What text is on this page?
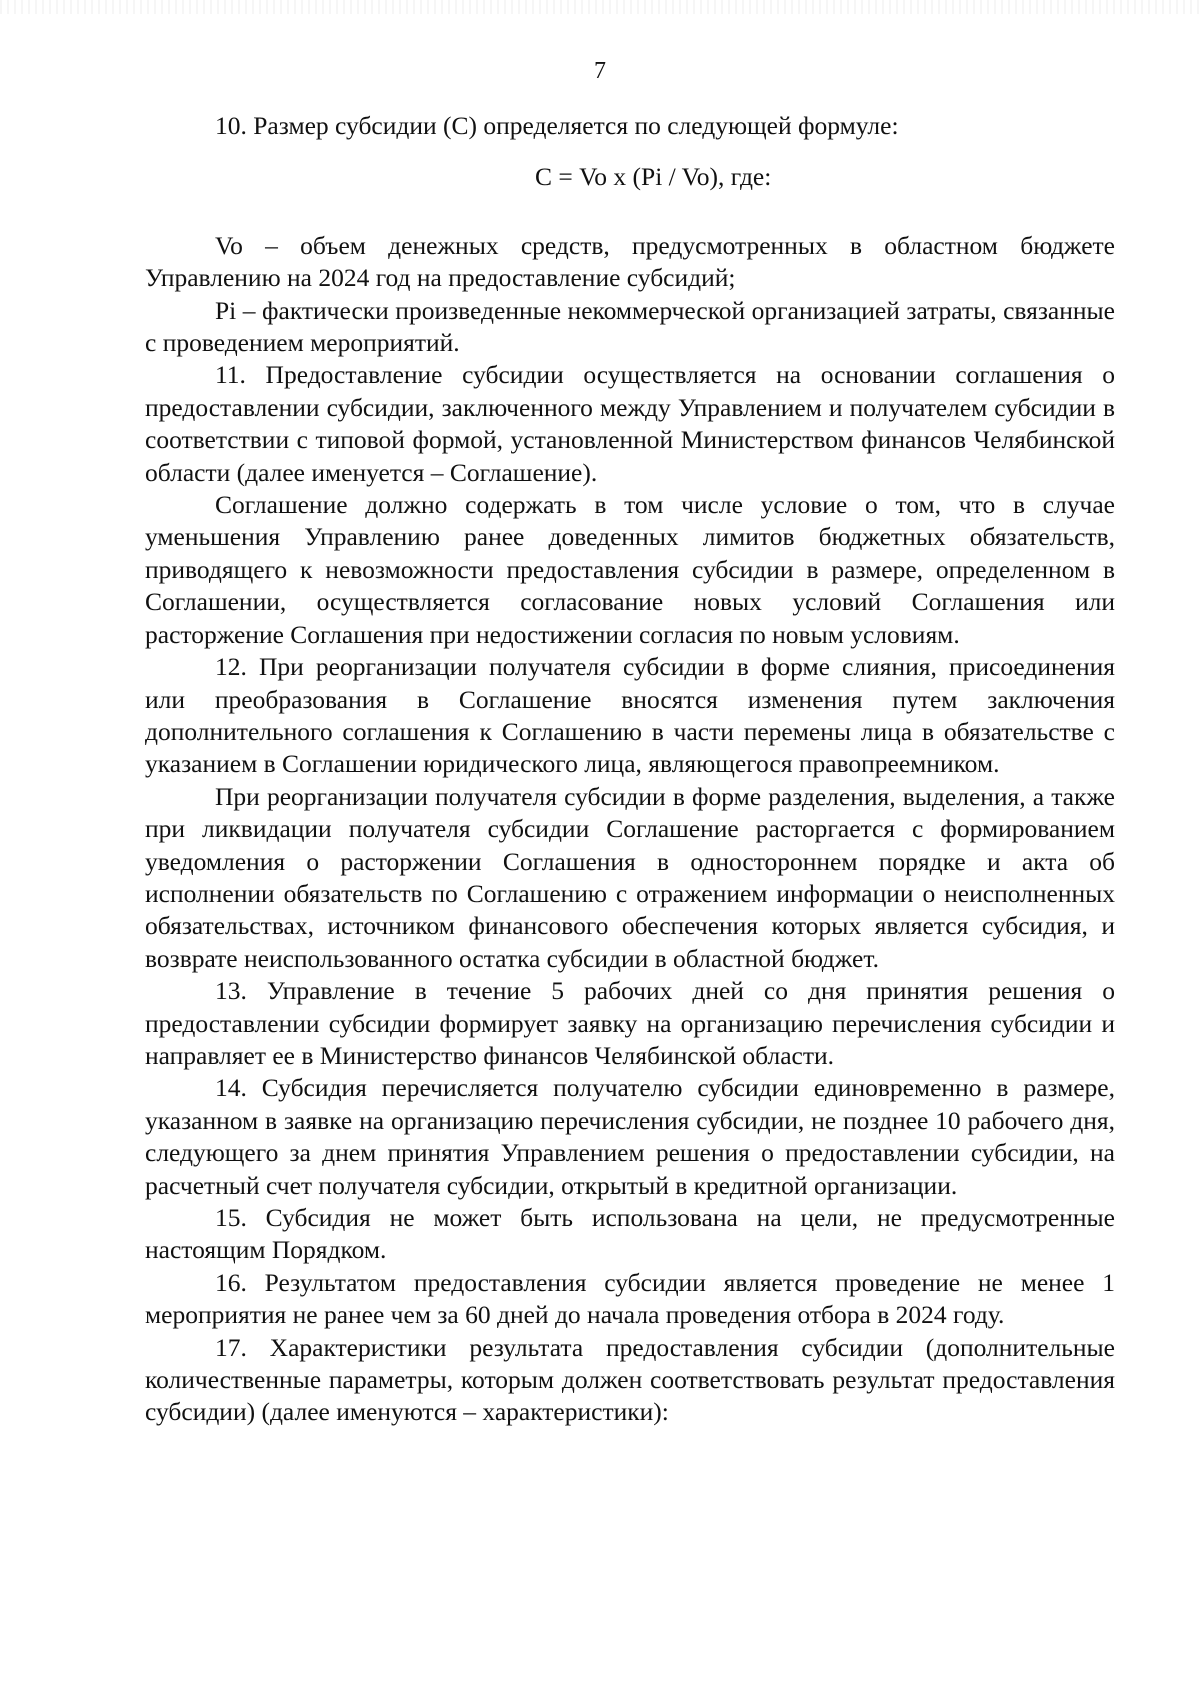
7

10. Размер субсидии (С) определяется по следующей формуле:

С = Vo x (Pi / Vo), где:

Vo – объем денежных средств, предусмотренных в областном бюджете Управлению на 2024 год на предоставление субсидий;

Pi – фактически произведенные некоммерческой организацией затраты, связанные с проведением мероприятий.

11. Предоставление субсидии осуществляется на основании соглашения о предоставлении субсидии, заключенного между Управлением и получателем субсидии в соответствии с типовой формой, установленной Министерством финансов Челябинской области (далее именуется – Соглашение).

Соглашение должно содержать в том числе условие о том, что в случае уменьшения Управлению ранее доведенных лимитов бюджетных обязательств, приводящего к невозможности предоставления субсидии в размере, определенном в Соглашении, осуществляется согласование новых условий Соглашения или расторжение Соглашения при недостижении согласия по новым условиям.

12. При реорганизации получателя субсидии в форме слияния, присоединения или преобразования в Соглашение вносятся изменения путем заключения дополнительного соглашения к Соглашению в части перемены лица в обязательстве с указанием в Соглашении юридического лица, являющегося правопреемником.

При реорганизации получателя субсидии в форме разделения, выделения, а также при ликвидации получателя субсидии Соглашение расторгается с формированием уведомления о расторжении Соглашения в одностороннем порядке и акта об исполнении обязательств по Соглашению с отражением информации о неисполненных обязательствах, источником финансового обеспечения которых является субсидия, и возврате неиспользованного остатка субсидии в областной бюджет.

13. Управление в течение 5 рабочих дней со дня принятия решения о предоставлении субсидии формирует заявку на организацию перечисления субсидии и направляет ее в Министерство финансов Челябинской области.

14. Субсидия перечисляется получателю субсидии единовременно в размере, указанном в заявке на организацию перечисления субсидии, не позднее 10 рабочего дня, следующего за днем принятия Управлением решения о предоставлении субсидии, на расчетный счет получателя субсидии, открытый в кредитной организации.

15. Субсидия не может быть использована на цели, не предусмотренные настоящим Порядком.

16. Результатом предоставления субсидии является проведение не менее 1 мероприятия не ранее чем за 60 дней до начала проведения отбора в 2024 году.

17. Характеристики результата предоставления субсидии (дополнительные количественные параметры, которым должен соответствовать результат предоставления субсидии) (далее именуются – характеристики):
